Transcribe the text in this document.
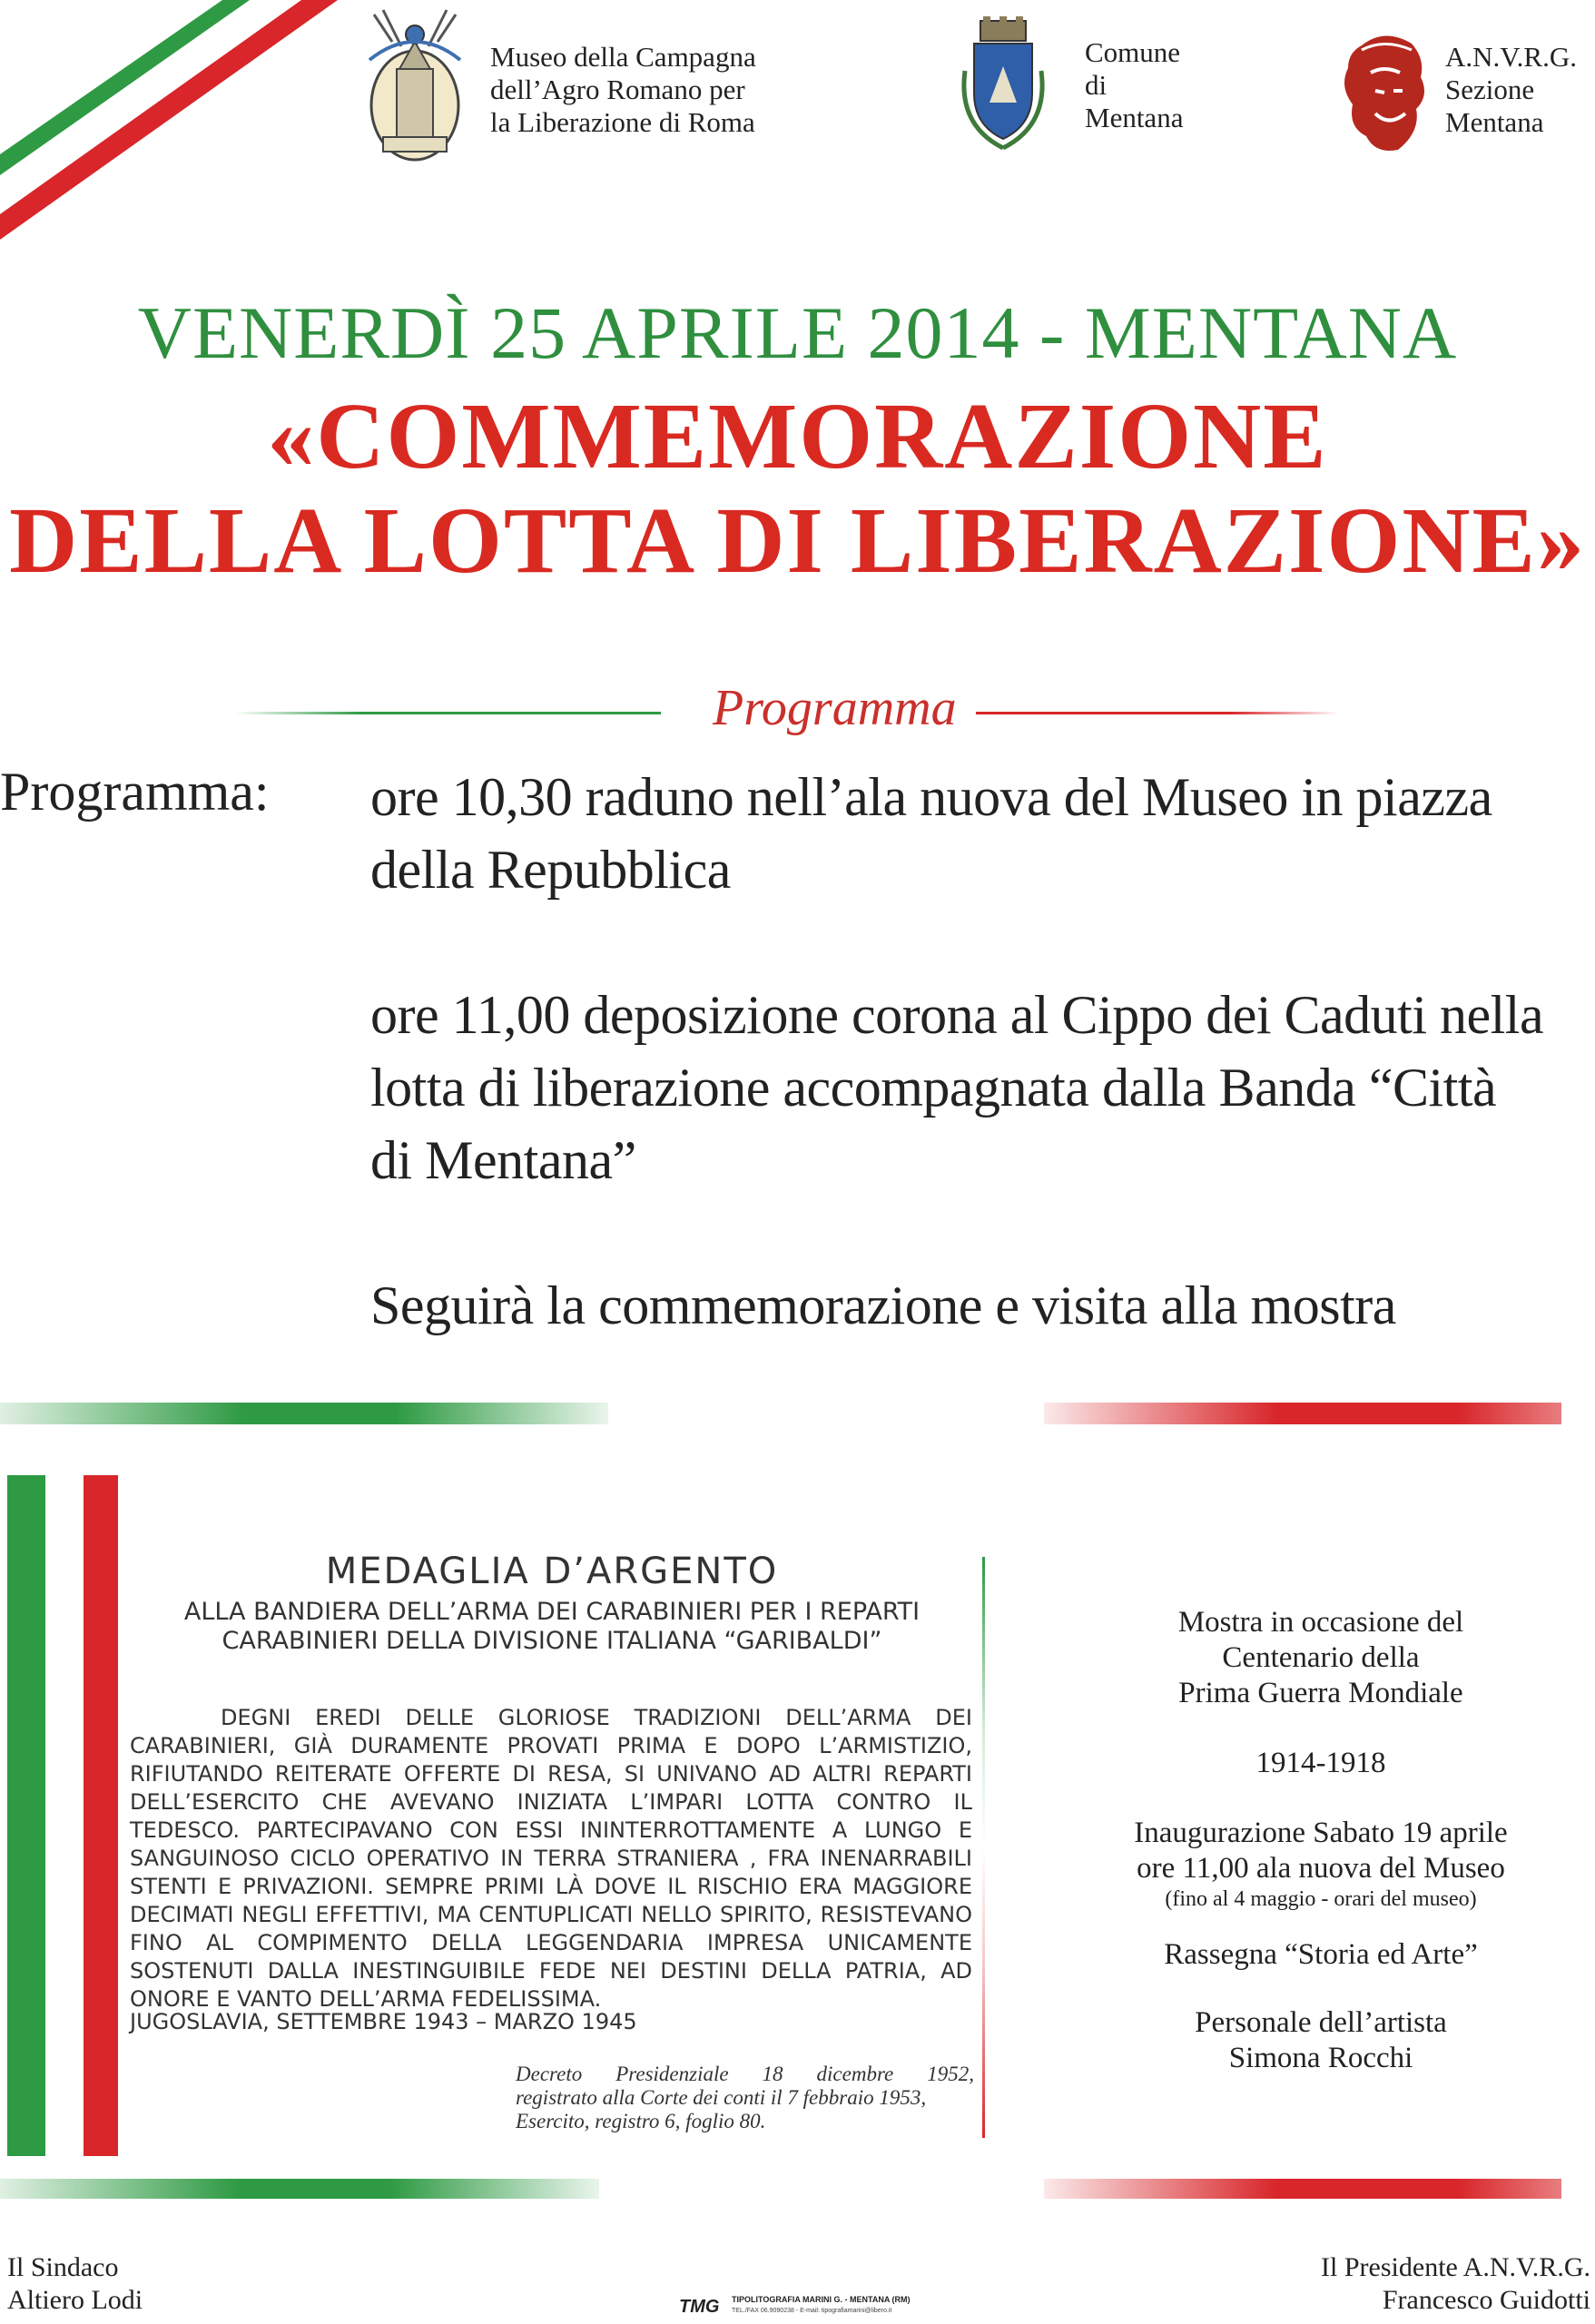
Museo della Campagna
dell’Agro Romano per
la Liberazione di Roma
Comune
di
Mentana
A.N.V.R.G.
Sezione
Mentana
VENERDÌ 25 APRILE 2014 - MENTANA
«COMMEMORAZIONE
DELLA LOTTA DI LIBERAZIONE»
Programma
Programma: ore 10,30 raduno nell’ala nuova del Museo in piazza

della Repubblica

ore 11,00 deposizione corona al Cippo dei Caduti nella

lotta di liberazione accompagnata dalla Banda “Città

di Mentana”

Seguirà la commemorazione e visita alla mostra

MEDAGLIA D’ARGENTO
ALLA BANDIERA DELL’ARMA DEI CARABINIERI PER I REPARTI
CARABINIERI DELLA DIVISIONE ITALIANA “GARIBALDI”
DEGNI EREDI DELLE GLORIOSE TRADIZIONI DELL’ARMA DEI CARABINIERI, GIÀ DURAMENTE PROVATI PRIMA E DOPO L’ARMISTIZIO, RIFIUTANDO REITERATE OFFERTE DI RESA, SI UNIVANO AD ALTRI REPARTI DELL’ESERCITO CHE AVEVANO INIZIATA L’IMPARI LOTTA CONTRO IL TEDESCO. PARTECIPAVANO CON ESSI ININTERROTTAMENTE A LUNGO E SANGUINOSO CICLO OPERATIVO IN TERRA STRANIERA , FRA INENARRABILI STENTI E PRIVAZIONI. SEMPRE PRIMI LÀ DOVE IL RISCHIO ERA MAGGIORE DECIMATI NEGLI EFFETTIVI, MA CENTUPLICATI NELLO SPIRITO, RESISTEVANO FINO AL COMPIMENTO DELLA LEGGENDARIA IMPRESA UNICAMENTE SOSTENUTI DALLA INESTINGUIBILE FEDE NEI DESTINI DELLA PATRIA, AD ONORE E VANTO DELL’ARMA FEDELISSIMA.
JUGOSLAVIA, SETTEMBRE 1943 – MARZO 1945
Decreto Presidenziale 18 dicembre 1952,
registrato alla Corte dei conti il 7 febbraio 1953,
Esercito, registro 6, foglio 80.
Mostra in occasione del
Centenario della
Prima Guerra Mondiale
1914-1918
Inaugurazione Sabato 19 aprile
ore 11,00 ala nuova del Museo
(fino al 4 maggio - orari del museo)
Rassegna “Storia ed Arte”
Personale dell’artista
Simona Rocchi
Il Sindaco
Altiero Lodi
Il Presidente A.N.V.R.G.
Francesco Guidotti
TMG TIPOLITOGRAFIA MARINI G. - MENTANA (RM)
TEL./FAX 06.9090238 - E-mail: tipografiamarini@libero.it
